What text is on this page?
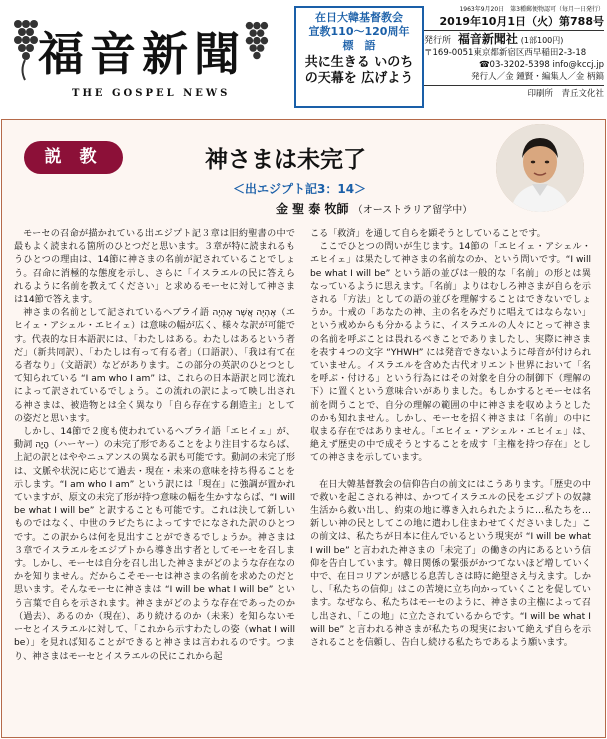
福音新聞
THE GOSPEL NEWS
在日大韓基督教会
宣教110～120周年
標　語
共に生きる いのちの天幕を 広げよう
1963年9月20日　第3種郵便物認可（毎月一日発行）
2019年10月1日（火）第788号
発行所 福音新聞社 (1部100円)
〒169-0051東京都新宿区西早稲田2-3-18
☎03-3202-5398 info@kccj.jp
発行人／金 鍾賢・編集人／金 柄鎬
印刷所　青丘文化社
説 教	神さまは未完了
＜出エジプト記3：14＞
金 聖 泰 牧師 （オーストラリア留学中）

モーセの召命が描かれている出エジプト記３章は旧約聖書の中で最もよく読まれる箇所のひとつだと思います。３章が特に読まれるもうひとつの理由は、14節に神さまの名前が記されていることでしょう。召命に消極的な態度を示し、さらに「イスラエルの民に答えられるように名前を教えてください」と求めるモーセに対して神さまは14節で答えます。

神さまの名前として記されているヘブライ語 אֶהְיֶה אֲשֶׁר אֶהְיֶה（エヒイェ・アシェル・エヒイェ）は意味の幅が広く、様々な訳が可能です。代表的な日本語訳には、「わたしはある。わたしはあるという者だ」（新共同訳）、「わたしは有って有る者」（口語訳）、「我は有て在る者なり」（文語訳）などがあります。この部分の英訳のひとつとして知られている “I am who I am” は、これらの日本語訳と同じ流れによって訳されているでしょう。この流れの訳によって映し出される神さまは、被造物とは全く異なり「自ら存在する創造主」としての姿だと思います。

しかし、14節で２度も使われているヘブライ語「エヒイェ」が、動詞 הָיָה（ハーヤー）の未完了形であることをより注目するならば、上記の訳とはややニュアンスの異なる訳も可能です。動詞の未完了形は、文脈や状況に応じて過去・現在・未来の意味を持ち得ることを示します。“I am who I am” という訳には「現在」に強調が置かれていますが、原文の未完了形が持つ意味の幅を生かすならば、“I will be what I will be” と訳することも可能です。これは決して新しいものではなく、中世のラビたちによってすでになされた訳のひとつです。この訳からは何を見出すことができるでしょうか。神さまは３章でイスラエルをエジプトから導き出す者としてモーセを召します。しかし、モーセは自分を召し出した神さまがどのような存在なのかを知りません。だからこそモーセは神さまの名前を求めたのだと思います。そんなモーセに神さまは “I will be what I will be” という言葉で自らを示されます。神さまがどのような存在であったのか（過去）、あるのか（現在）、あり続けるのか（未来）を知らないモーセとイスラエルに対して、「これから示すわたしの姿（what I will be）」を見れば知ることができると神さまは言われるのです。つまり、神さまはモーセとイスラエルの民にこれから起

こる「救済」を通して自らを顕そうとしていることです。

ここでひとつの問いが生じます。14節の「エヒイェ・アシェル・エヒイェ」は果たして神さまの名前なのか、という問いです。“I will be what I will be” という語の並びは一般的な「名前」の形とは異なっているように思えます。「名前」よりはむしろ神さまが自らを示される「方法」としての語の並びを理解することはできないでしょうか。十戒の「あなたの神、主の名をみだりに唱えてはならない」という戒めからも分かるように、イスラエルの人々にとって神さまの名前を呼ぶことは畏れるべきことでありましたし、実際に神さまを表す４つの文字 “YHWH” には発音できないように母音が付けられていません。イスラエルを含めた古代オリエント世界において「名を呼ぶ・付ける」という行為にはその対象を自分の制御下（理解の下）に置くという意味合いがありました。もしかするとモーセは名前を問うことで、自分の理解の範囲の中に神さまを収めようとしたのかも知れません。しかし、モーセを招く神さまは「名前」の中に収まる存在ではありません。「エヒイェ・アシェル・エヒイェ」は、絶えず歴史の中で成そうとすることを成す「主権を持つ存在」としての神さまを示しています。

在日大韓基督教会の信仰告白の前文にはこうあります。「歴史の中で救いを起こされる神は、かつてイスラエルの民をエジプトの奴隷生活から救い出し、約束の地に導き入れられたように…私たちを…新しい神の民としてこの地に遣わし住まわせてくださいました」この前文は、私たちが日本に住んでいるという現実が “I will be what I will be” と言われた神さまの「未完了」の働きの内にあるという信仰を告白しています。韓日関係の緊張がかつてないほど増していく中で、在日コリアンが感じる息苦しさは時に絶望さえ与えます。しかし、「私たちの信仰」はこの苦境に立ち向かっていくことを促しています。なぜなら、私たちはモーセのように、神さまの主権によって召し出され、「この地」に立たされているからです。“I will be what I will be” と言われる神さまが私たちの現実において絶えず自らを示されることを信頼し、告白し続ける私たちであるよう願います。
